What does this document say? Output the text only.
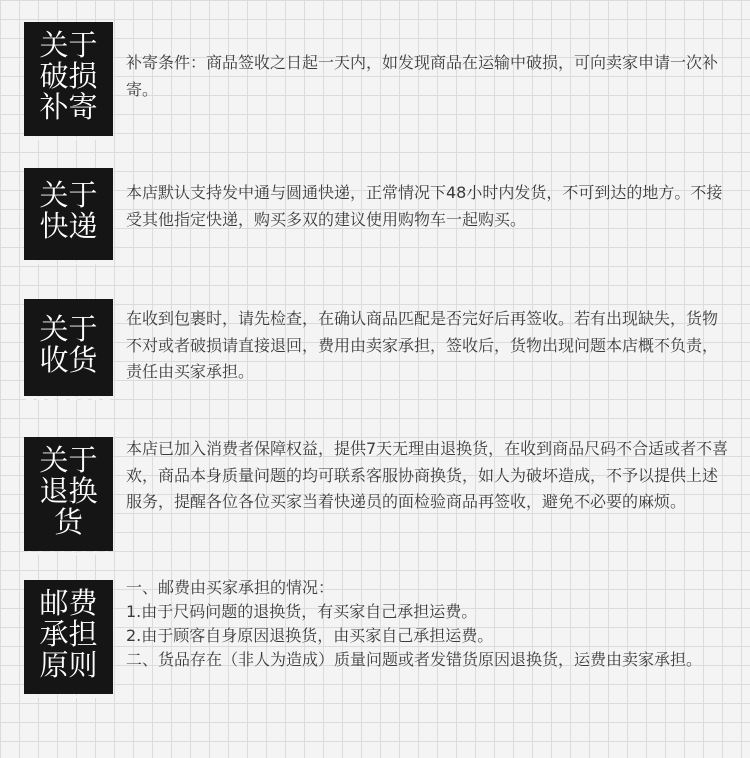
关于
破损
补寄

补寄条件：商品签收之日起一天内，如发现商品在运输中破损，可向卖家申请一次补寄。

关于
快递

本店默认支持发中通与圆通快递，正常情况下48小时内发货，不可到达的地方。不接受其他指定快递，购买多双的建议使用购物车一起购买。

关于
收货

在收到包裹时，请先检查，在确认商品匹配是否完好后再签收。若有出现缺失，货物不对或者破损请直接退回，费用由卖家承担，签收后，货物出现问题本店概不负责，责任由买家承担。

关于
退换
货

本店已加入消费者保障权益，提供7天无理由退换货，在收到商品尺码不合适或者不喜欢，商品本身质量问题的均可联系客服协商换货，如人为破坏造成，不予以提供上述服务，提醒各位各位买家当着快递员的面检验商品再签收，避免不必要的麻烦。

邮费
承担
原则

一、邮费由买家承担的情况：

1.由于尺码问题的退换货，有买家自己承担运费。

2.由于顾客自身原因退换货，由买家自己承担运费。

二、货品存在（非人为造成）质量问题或者发错货原因退换货，运费由卖家承担。
